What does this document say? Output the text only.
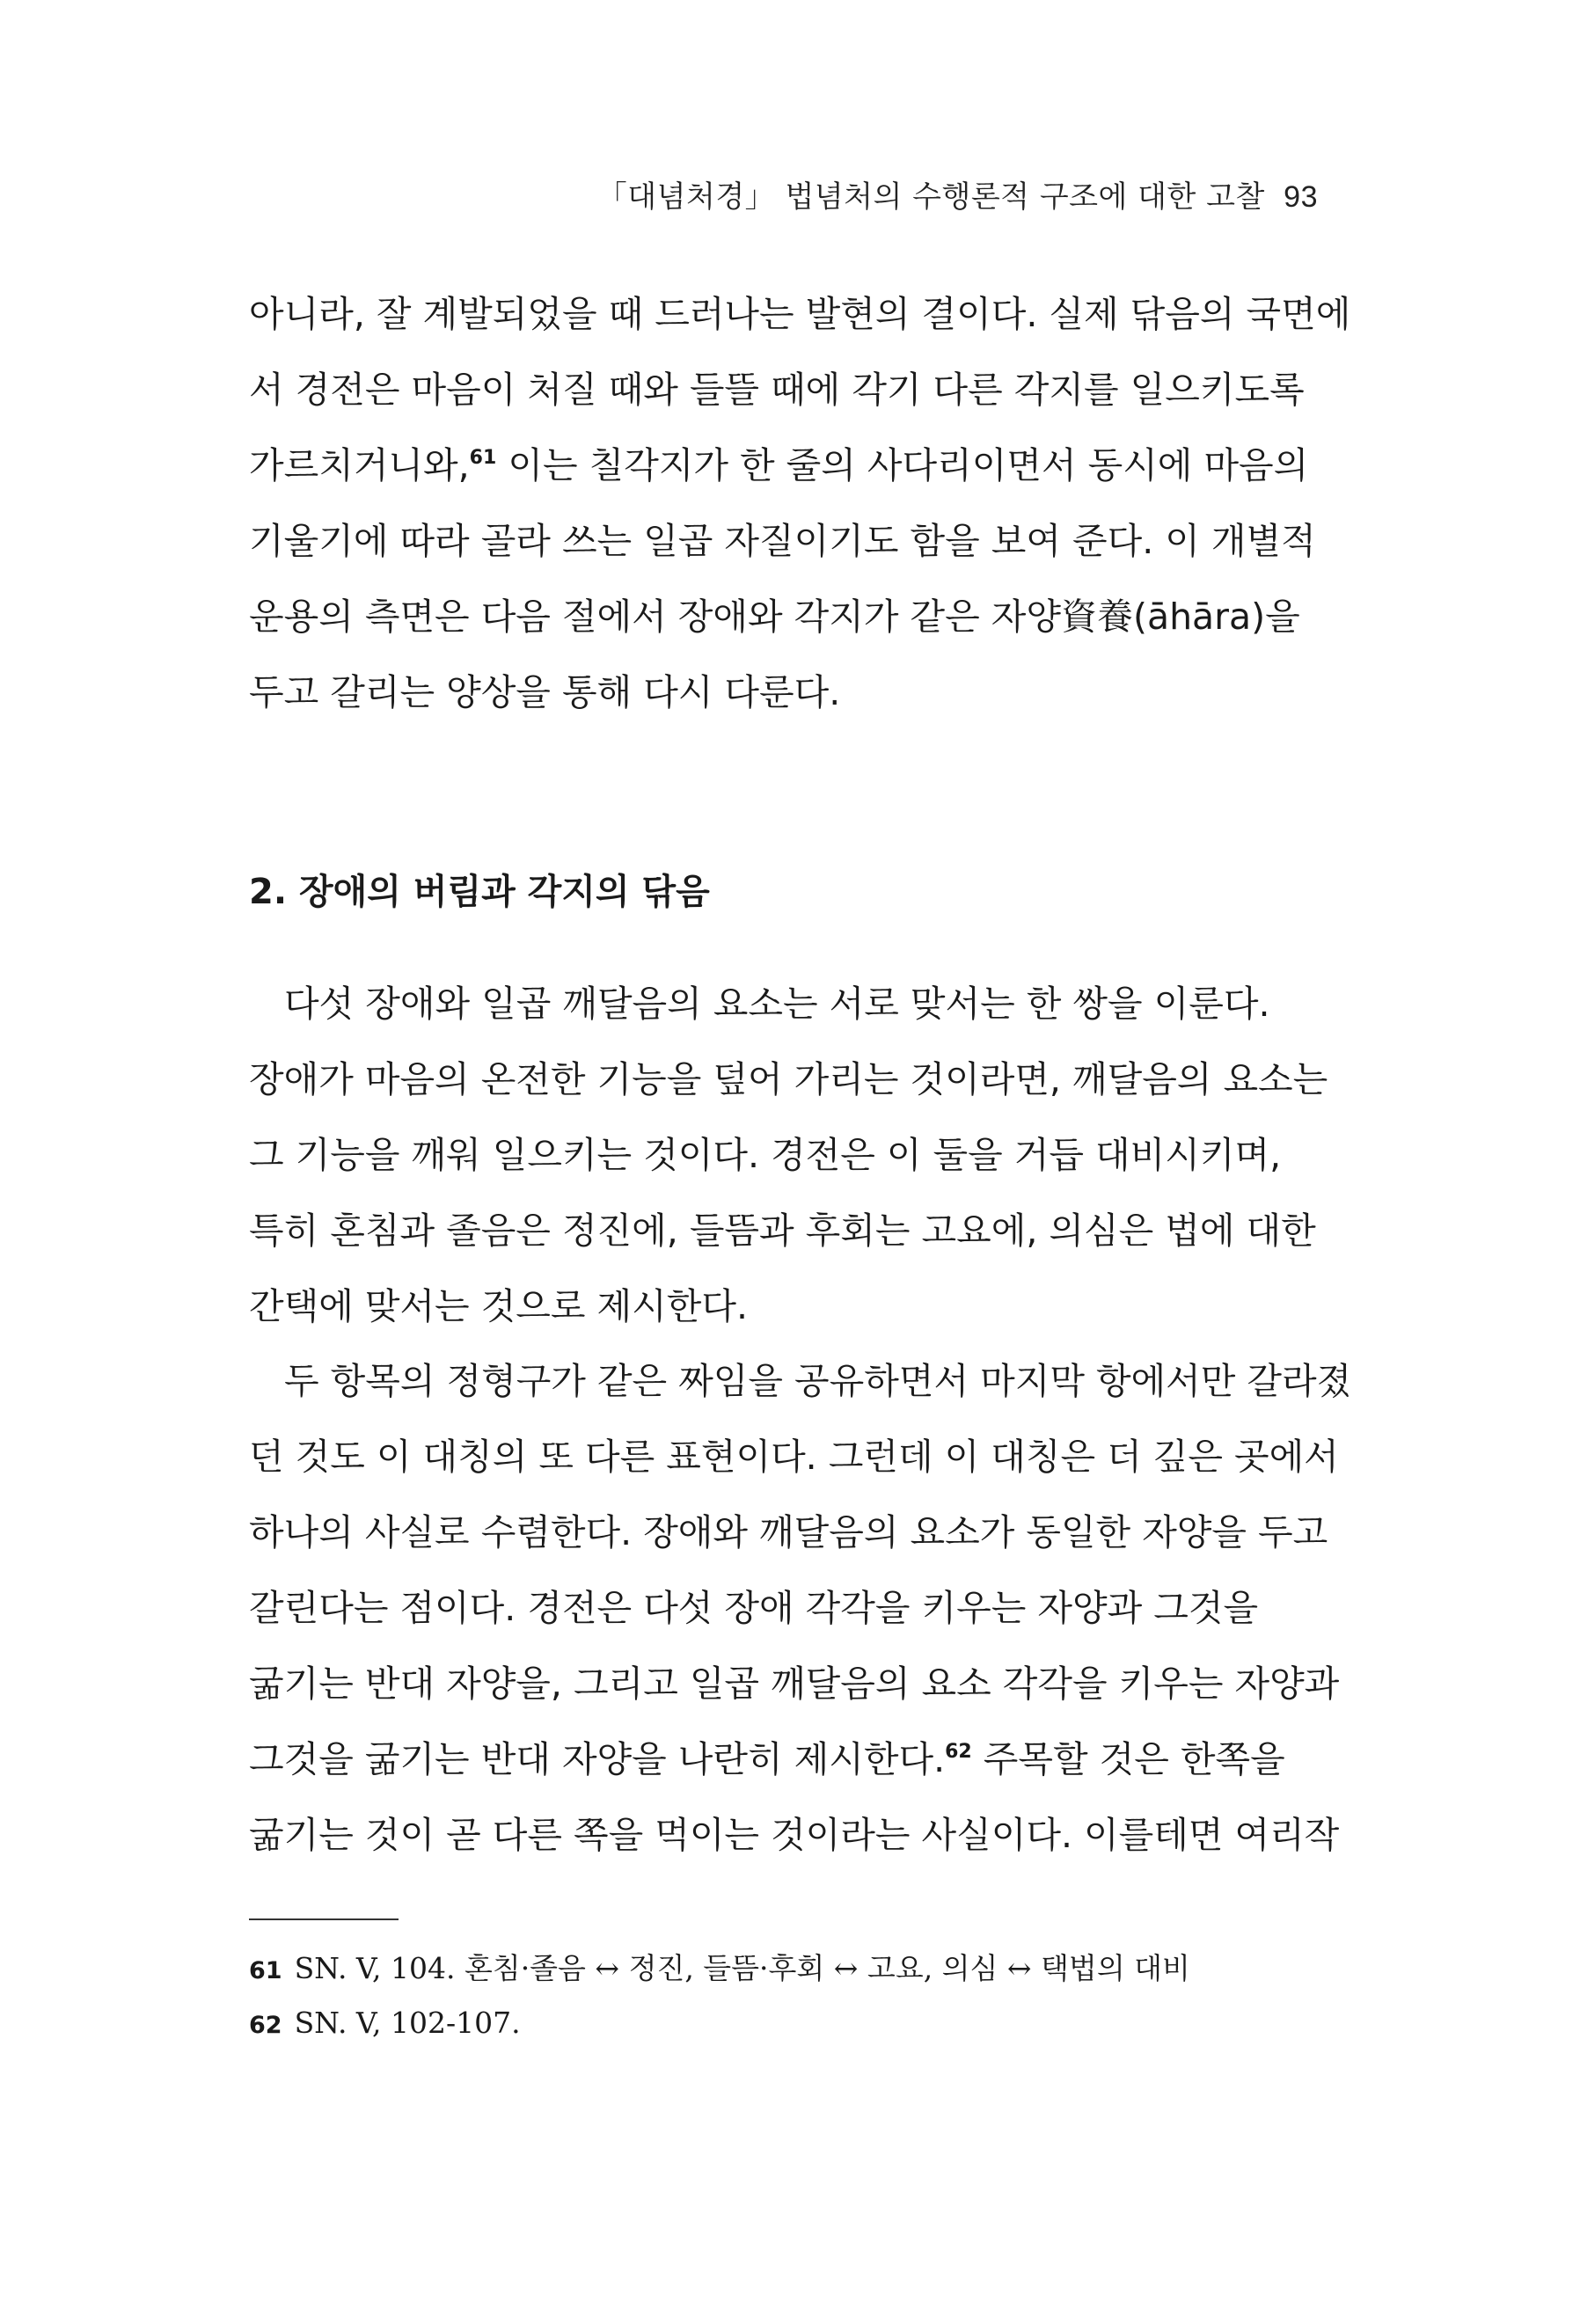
「대념처경」 법념처의 수행론적 구조에 대한 고찰 93
아니라, 잘 계발되었을 때 드러나는 발현의 결이다. 실제 닦음의 국면에
서 경전은 마음이 처질 때와 들뜰 때에 각기 다른 각지를 일으키도록
가르치거니와,$^{61}$ 이는 칠각지가 한 줄의 사다리이면서 동시에 마음의
기울기에 따라 골라 쓰는 일곱 자질이기도 함을 보여 준다. 이 개별적
운용의 측면은 다음 절에서 장애와 각지가 같은 자양資養(āhāra)을
두고 갈리는 양상을 통해 다시 다룬다.
2. 장애의 버림과 각지의 닦음
다섯 장애와 일곱 깨달음의 요소는 서로 맞서는 한 쌍을 이룬다.
장애가 마음의 온전한 기능을 덮어 가리는 것이라면, 깨달음의 요소는
그 기능을 깨워 일으키는 것이다. 경전은 이 둘을 거듭 대비시키며,
특히 혼침과 졸음은 정진에, 들뜸과 후회는 고요에, 의심은 법에 대한
간택에 맞서는 것으로 제시한다.
두 항목의 정형구가 같은 짜임을 공유하면서 마지막 항에서만 갈라졌
던 것도 이 대칭의 또 다른 표현이다. 그런데 이 대칭은 더 깊은 곳에서
하나의 사실로 수렴한다. 장애와 깨달음의 요소가 동일한 자양을 두고
갈린다는 점이다. 경전은 다섯 장애 각각을 키우는 자양과 그것을
굶기는 반대 자양을, 그리고 일곱 깨달음의 요소 각각을 키우는 자양과
그것을 굶기는 반대 자양을 나란히 제시한다.$^{62}$ 주목할 것은 한쪽을
굶기는 것이 곧 다른 쪽을 먹이는 것이라는 사실이다. 이를테면 여리작
61 SN. V, 104. 혼침·졸음 ↔ 정진, 들뜸·후회 ↔ 고요, 의심 ↔ 택법의 대비
62 SN. V, 102-107.
